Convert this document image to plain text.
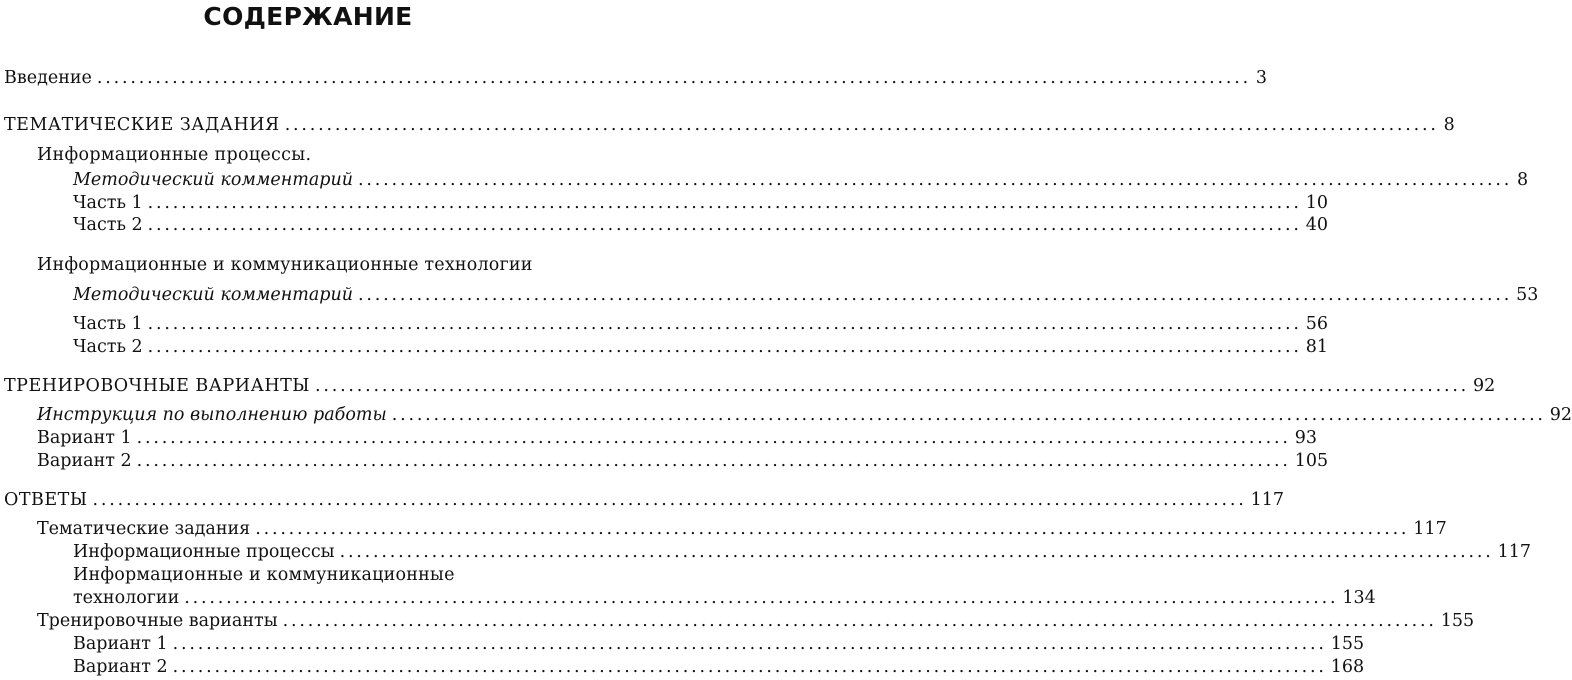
СОДЕРЖАНИЕ
Введение .......................................................................................................................................... 3
ТЕМАТИЧЕСКИЕ ЗАДАНИЯ .......................................................................................................................................... 8
Информационные процессы.
Методический комментарий .......................................................................................................................................... 8
Часть 1 .......................................................................................................................................... 10
Часть 2 .......................................................................................................................................... 40
Информационные и коммуникационные технологии
Методический комментарий .......................................................................................................................................... 53
Часть 1 .......................................................................................................................................... 56
Часть 2 .......................................................................................................................................... 81
ТРЕНИРОВОЧНЫЕ ВАРИАНТЫ .......................................................................................................................................... 92
Инструкция по выполнению работы .......................................................................................................................................... 92
Вариант 1 .......................................................................................................................................... 93
Вариант 2 .......................................................................................................................................... 105
ОТВЕТЫ .......................................................................................................................................... 117
Тематические задания .......................................................................................................................................... 117
Информационные процессы .......................................................................................................................................... 117
Информационные и коммуникационные
технологии .......................................................................................................................................... 134
Тренировочные варианты .......................................................................................................................................... 155
Вариант 1 .......................................................................................................................................... 155
Вариант 2 .......................................................................................................................................... 168
